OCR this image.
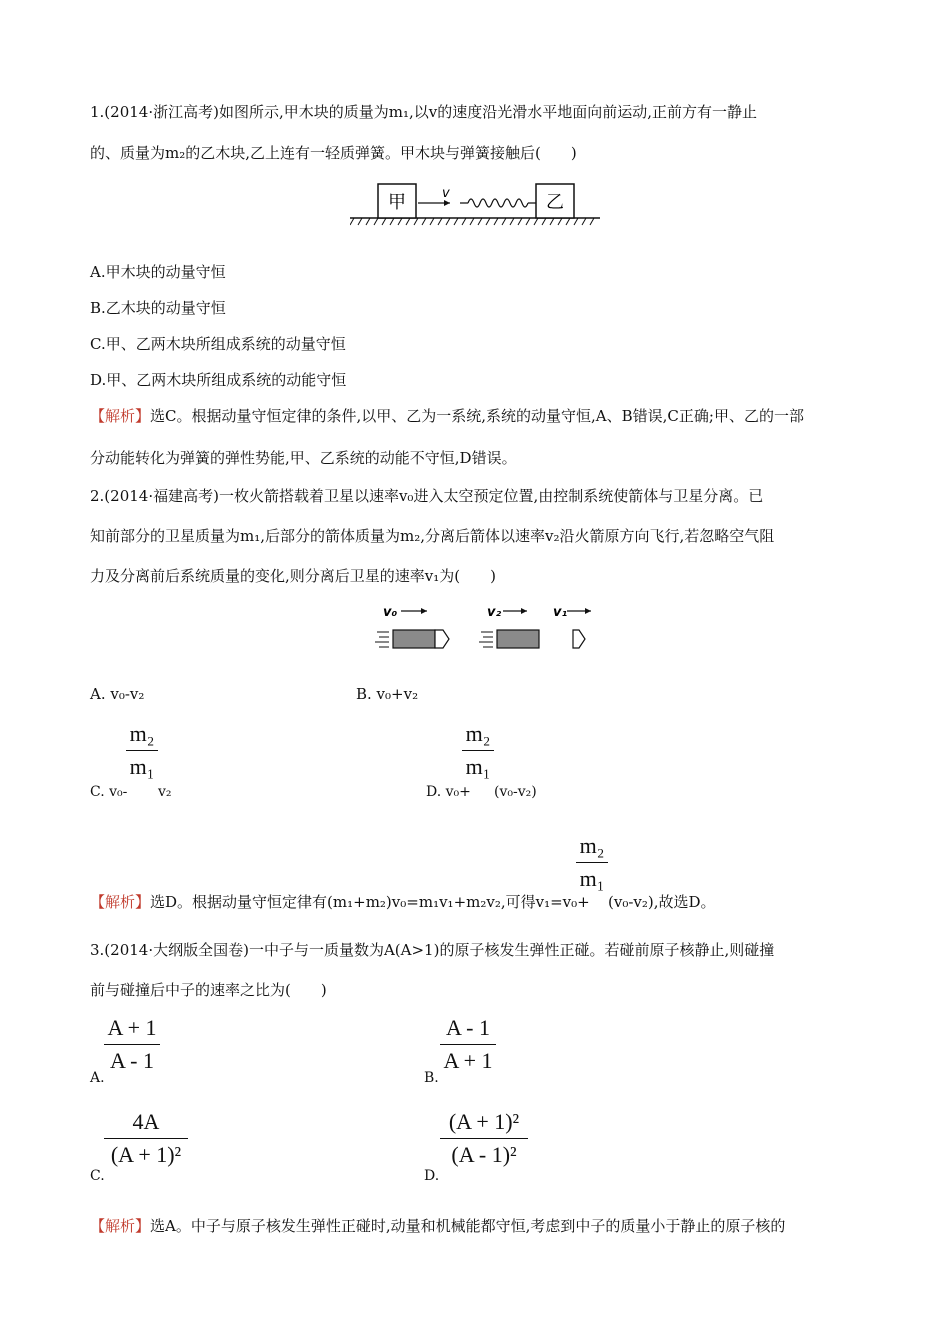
1.(2014·浙江高考)如图所示,甲木块的质量为m₁,以v的速度沿光滑水平地面向前运动,正前方有一静止
的、质量为m₂的乙木块,乙上连有一轻质弹簧。甲木块与弹簧接触后(　　)
甲	v	乙
A.甲木块的动量守恒
B.乙木块的动量守恒
C.甲、乙两木块所组成系统的动量守恒
D.甲、乙两木块所组成系统的动能守恒
【解析】选C。根据动量守恒定律的条件,以甲、乙为一系统,系统的动量守恒,A、B错误,C正确;甲、乙的一部
分动能转化为弹簧的弹性势能,甲、乙系统的动能不守恒,D错误。
2.(2014·福建高考)一枚火箭搭载着卫星以速率v₀进入太空预定位置,由控制系统使箭体与卫星分离。已
知前部分的卫星质量为m₁,后部分的箭体质量为m₂,分离后箭体以速率v₂沿火箭原方向飞行,若忽略空气阻
力及分离前后系统质量的变化,则分离后卫星的速率v₁为(　　)
v₀	v₂	v₁
A. v₀-v₂	B. v₀+v₂
C. v₀-
m₂
m₁
v₂	D. v₀+
m₂
m₁
(v₀-v₂)
【解析】选D。根据动量守恒定律有(m₁+m₂)v₀=m₁v₁+m₂v₂,可得v₁=v₀+
m₂
m₁
(v₀-v₂),故选D。
3.(2014·大纲版全国卷)一中子与一质量数为A(A>1)的原子核发生弹性正碰。若碰前原子核静止,则碰撞
前与碰撞后中子的速率之比为(　　)
A.
A + 1
A - 1
B.
A - 1
A + 1
C.
4A
(A + 1)²
D.
(A + 1)²
(A - 1)²
【解析】选A。中子与原子核发生弹性正碰时,动量和机械能都守恒,考虑到中子的质量小于静止的原子核的
